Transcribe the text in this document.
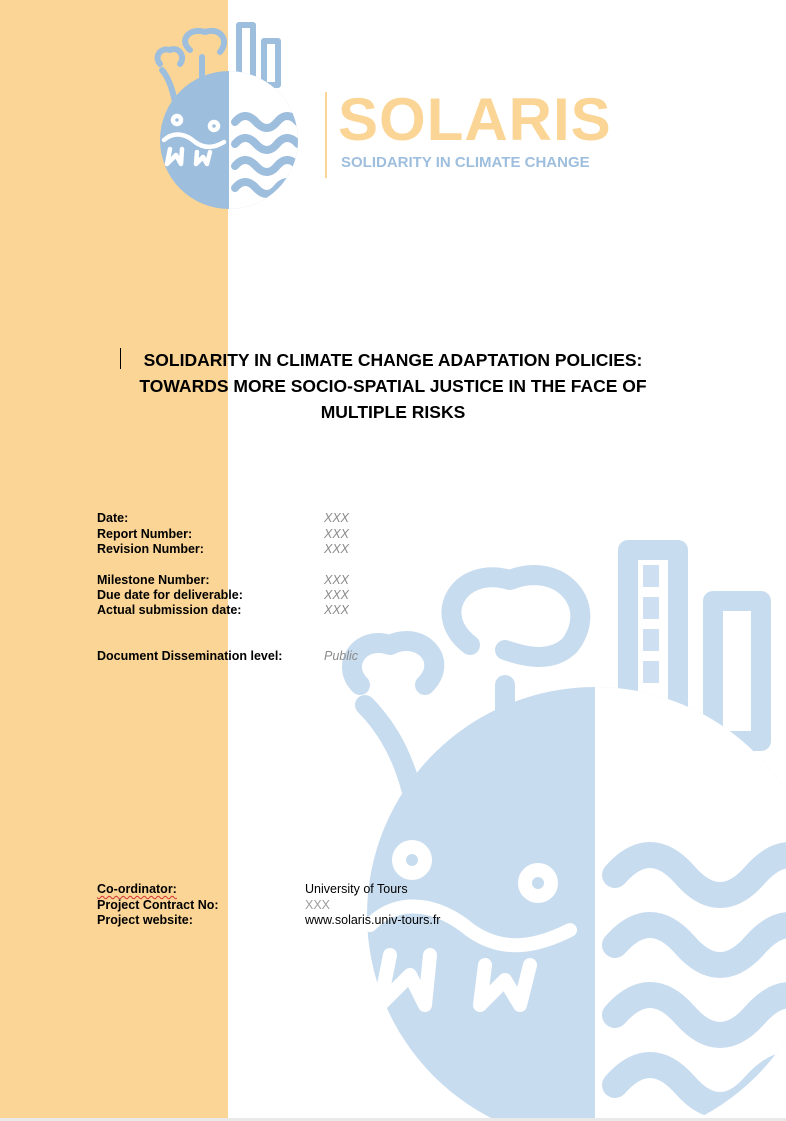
SOLARIS

SOLIDARITY IN CLIMATE CHANGE

SOLIDARITY IN CLIMATE CHANGE ADAPTATION POLICIES:
TOWARDS MORE SOCIO-SPATIAL JUSTICE IN THE FACE OF
MULTIPLE RISKS
Date:	XXX
Report Number:	XXX
Revision Number:	XXX
Milestone Number:	XXX
Due date for deliverable:	XXX
Actual submission date:	XXX
Document Dissemination level:	Public
Co-ordinator:	University of Tours
Project Contract No:	XXX
Project website:	www.solaris.univ-tours.fr
